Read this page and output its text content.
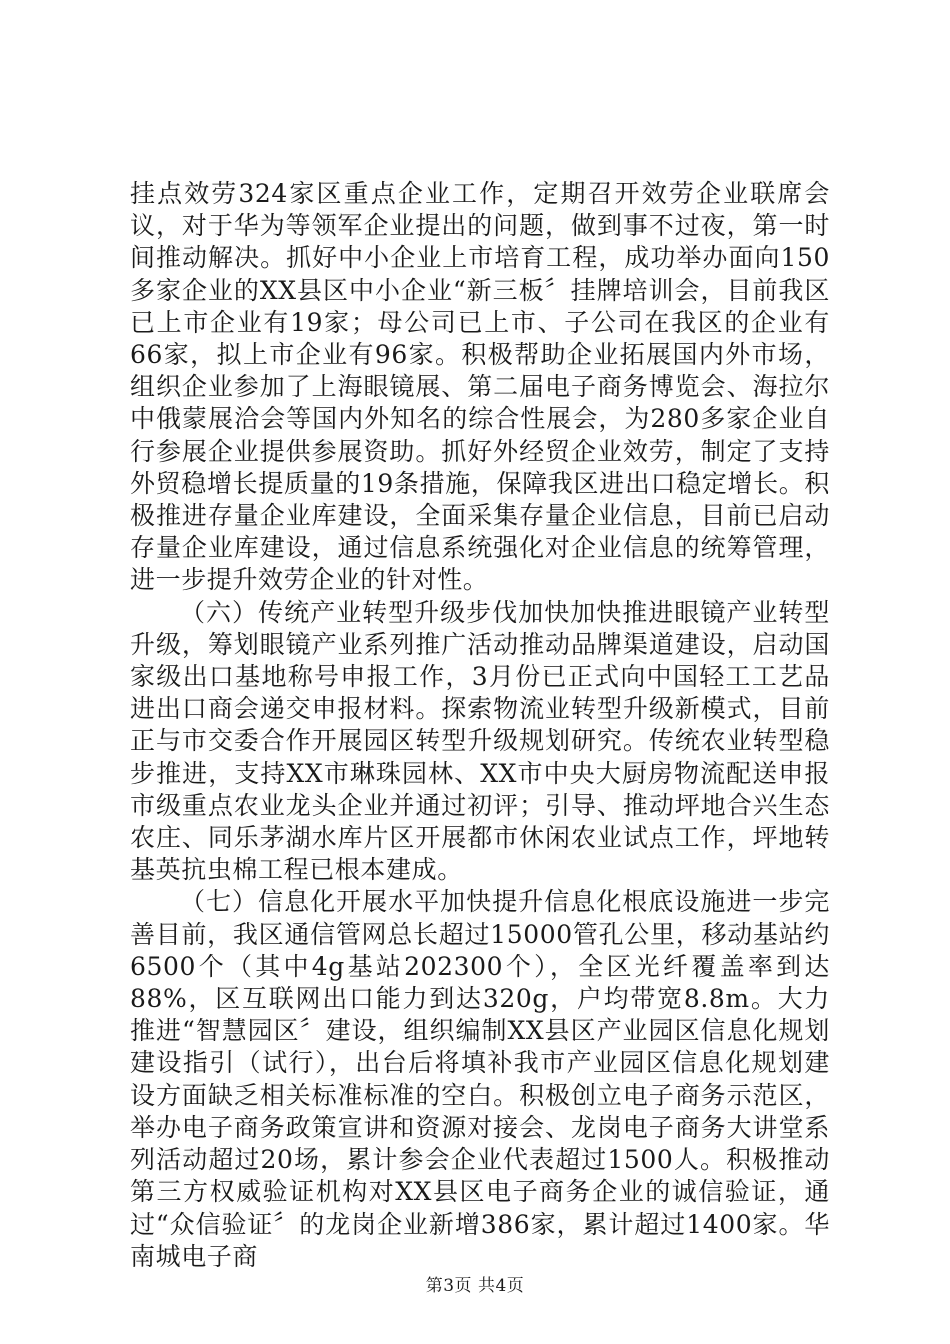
挂点效劳324家区重点企业工作，定期召开效劳企业联席会议，对于华为等领军企业提出的问题，做到事不过夜，第一时间推动解决。抓好中小企业上市培育工程，成功举办面向150多家企业的XX县区中小企业“新三板〞挂牌培训会，目前我区已上市企业有19家；母公司已上市、子公司在我区的企业有66家，拟上市企业有96家。积极帮助企业拓展国内外市场，组织企业参加了上海眼镜展、第二届电子商务博览会、海拉尔中俄蒙展洽会等国内外知名的综合性展会，为280多家企业自行参展企业提供参展资助。抓好外经贸企业效劳，制定了支持外贸稳增长提质量的19条措施，保障我区进出口稳定增长。积极推进存量企业库建设，全面采集存量企业信息，目前已启动存量企业库建设，通过信息系统强化对企业信息的统筹管理，进一步提升效劳企业的针对性。

（六）传统产业转型升级步伐加快加快推进眼镜产业转型升级，筹划眼镜产业系列推广活动推动品牌渠道建设，启动国家级出口基地称号申报工作，3月份已正式向中国轻工工艺品进出口商会递交申报材料。探索物流业转型升级新模式，目前正与市交委合作开展园区转型升级规划研究。传统农业转型稳步推进，支持XX市琳珠园林、XX市中央大厨房物流配送申报市级重点农业龙头企业并通过初评；引导、推动坪地合兴生态农庄、同乐茅湖水库片区开展都市休闲农业试点工作，坪地转基英抗虫棉工程已根本建成。

（七）信息化开展水平加快提升信息化根底设施进一步完善目前，我区通信管网总长超过15000管孔公里，移动基站约6500个（其中4g基站202300个），全区光纤覆盖率到达88%，区互联网出口能力到达320g，户均带宽8.8m。大力推进“智慧园区〞建设，组织编制XX县区产业园区信息化规划建设指引（试行），出台后将填补我市产业园区信息化规划建设方面缺乏相关标准标准的空白。积极创立电子商务示范区，举办电子商务政策宣讲和资源对接会、龙岗电子商务大讲堂系列活动超过20场，累计参会企业代表超过1500人。积极推动第三方权威验证机构对XX县区电子商务企业的诚信验证，通过“众信验证〞的龙岗企业新增386家，累计超过1400家。华南城电子商

第3页 共4页
